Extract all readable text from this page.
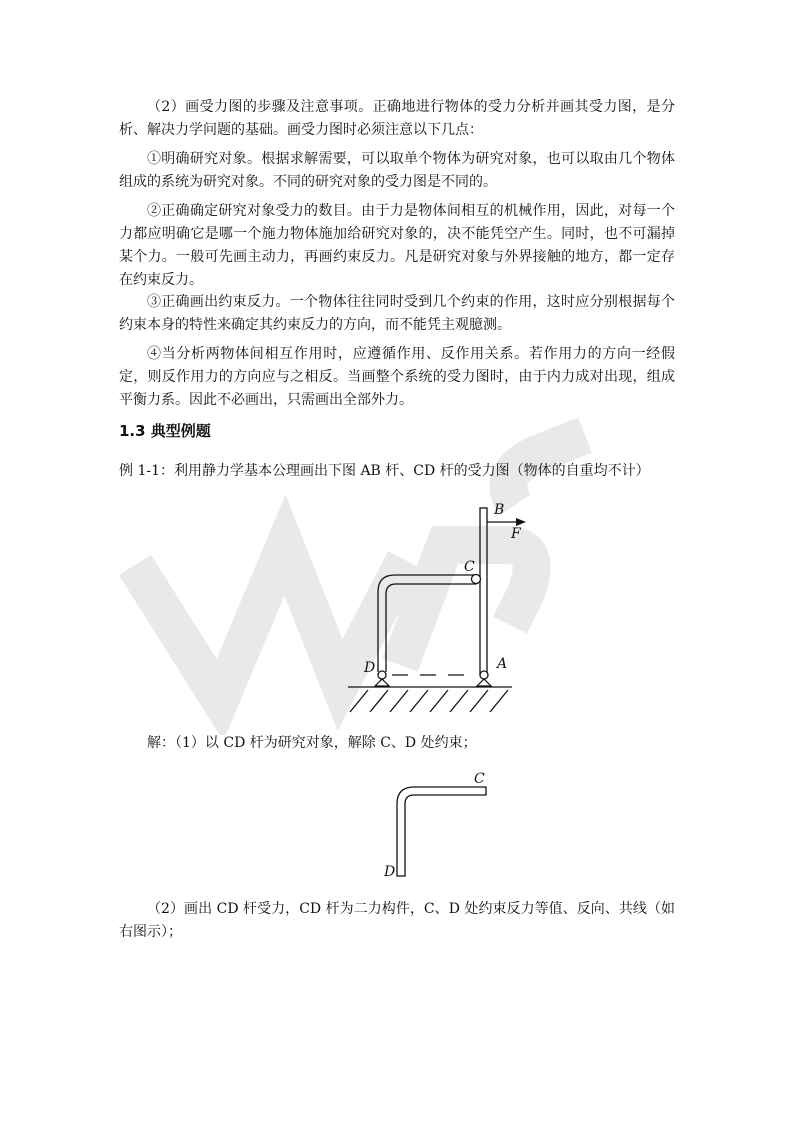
（2）画受力图的步骤及注意事项。正确地进行物体的受力分析并画其受力图，是分析、解决力学问题的基础。画受力图时必须注意以下几点：

①明确研究对象。根据求解需要，可以取单个物体为研究对象，也可以取由几个物体组成的系统为研究对象。不同的研究对象的受力图是不同的。

②正确确定研究对象受力的数目。由于力是物体间相互的机械作用，因此，对每一个力都应明确它是哪一个施力物体施加给研究对象的，决不能凭空产生。同时，也不可漏掉某个力。一般可先画主动力，再画约束反力。凡是研究对象与外界接触的地方，都一定存在约束反力。

③正确画出约束反力。一个物体往往同时受到几个约束的作用，这时应分别根据每个约束本身的特性来确定其约束反力的方向，而不能凭主观臆测。

④当分析两物体间相互作用时，应遵循作用、反作用关系。若作用力的方向一经假定，则反作用力的方向应与之相反。当画整个系统的受力图时，由于内力成对出现，组成平衡力系。因此不必画出，只需画出全部外力。

1.3 典型例题

例 1-1：利用静力学基本公理画出下图 AB 杆、CD 杆的受力图（物体的自重均不计）

B
F
C
D	A
C
D

解：（1）以 CD 杆为研究对象，解除 C、D 处约束；

（2）画出 CD 杆受力，CD 杆为二力构件，C、D 处约束反力等值、反向、共线（如右图示）；
